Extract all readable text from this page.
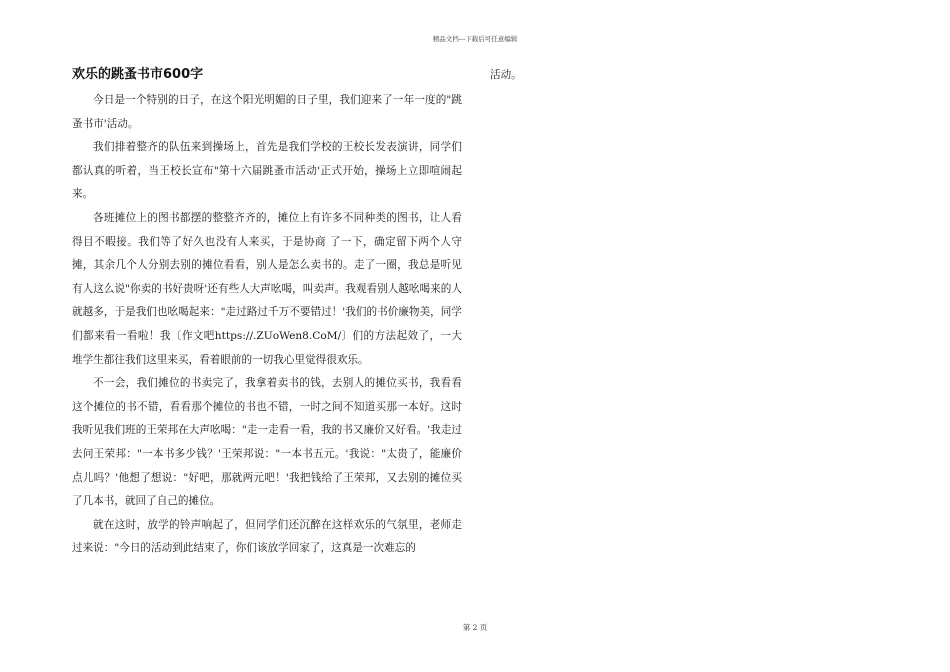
精品文档---下载后可任意编辑
欢乐的跳蚤书市600字

今日是一个特别的日子，在这个阳光明媚的日子里，我们迎来了一年一度的"跳蚤书市'活动。

我们排着整齐的队伍来到操场上，首先是我们学校的王校长发表演讲，同学们都认真的听着，当王校长宣布"第十六届跳蚤市活动'正式开始，操场上立即喧闹起来。

各班摊位上的图书都摆的整整齐齐的，摊位上有许多不同种类的图书，让人看得目不暇接。我们等了好久也没有人来买，于是协商 了一下，确定留下两个人守摊，其余几个人分别去别的摊位看看，别人是怎么卖书的。走了一圈，我总是听见有人这么说"你卖的书好贵呀'还有些人大声吆喝，叫卖声。我观看别人越吆喝来的人就越多，于是我们也吆喝起来："走过路过千万不要错过！'我们的书价廉物美，同学们都来看一看啦！我〔作文吧https://.ZUoWen8.CoM/〕们的方法起效了，一大堆学生都往我们这里来买，看着眼前的一切我心里觉得很欢乐。

不一会，我们摊位的书卖完了，我拿着卖书的钱，去别人的摊位买书，我看看这个摊位的书不错，看看那个摊位的书也不错，一时之间不知道买那一本好。这时我听见我们班的王荣邦在大声吆喝："走一走看一看，我的书又廉价又好看。'我走过去问王荣邦："一本书多少钱？'王荣邦说："一本书五元。'我说："太贵了，能廉价点儿吗？'他想了想说："好吧，那就两元吧！'我把钱给了王荣邦，又去别的摊位买了几本书，就回了自己的摊位。

就在这时，放学的铃声响起了，但同学们还沉醉在这样欢乐的气氛里，老师走过来说："今日的活动到此结束了，你们该放学回家了，这真是一次难忘的

活动。
第 2 页
